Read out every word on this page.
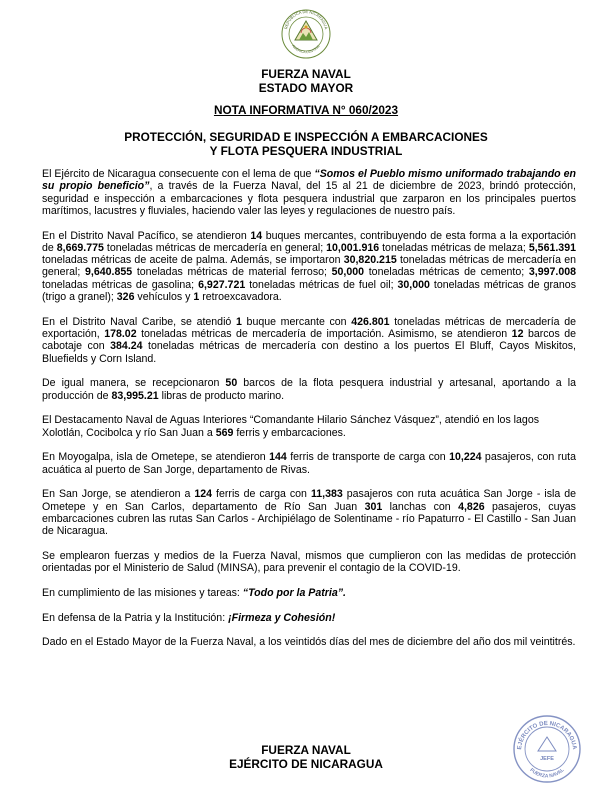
REPÚBLICA DE NICARAGUA
AMÉRICA CENTRAL
FUERZA NAVAL
ESTADO MAYOR
NOTA INFORMATIVA N° 060/2023
PROTECCIÓN, SEGURIDAD E INSPECCIÓN A EMBARCACIONES
Y FLOTA PESQUERA INDUSTRIAL

El Ejército de Nicaragua consecuente con el lema de que “Somos el Pueblo mismo uniformado trabajando en su propio beneficio”, a través de la Fuerza Naval, del 15 al 21 de diciembre de 2023, brindó protección, seguridad e inspección a embarcaciones y flota pesquera industrial que zarparon en los principales puertos marítimos, lacustres y fluviales, haciendo valer las leyes y regulaciones de nuestro país.

En el Distrito Naval Pacífico, se atendieron 14 buques mercantes, contribuyendo de esta forma a la exportación de 8,669.775 toneladas métricas de mercadería en general; 10,001.916 toneladas métricas de melaza; 5,561.391 toneladas métricas de aceite de palma. Además, se importaron 30,820.215 toneladas métricas de mercadería en general; 9,640.855 toneladas métricas de material ferroso; 50,000 toneladas métricas de cemento; 3,997.008 toneladas métricas de gasolina; 6,927.721 toneladas métricas de fuel oil; 30,000 toneladas métricas de granos (trigo a granel); 326 vehículos y 1 retroexcavadora.

En el Distrito Naval Caribe, se atendió 1 buque mercante con 426.801 toneladas métricas de mercadería de exportación, 178.02 toneladas métricas de mercadería de importación. Asimismo, se atendieron 12 barcos de cabotaje con 384.24 toneladas métricas de mercadería con destino a los puertos El Bluff, Cayos Miskitos, Bluefields y Corn Island.

De igual manera, se recepcionaron 50 barcos de la flota pesquera industrial y artesanal, aportando a la producción de 83,995.21 libras de producto marino.

El Destacamento Naval de Aguas Interiores “Comandante Hilario Sánchez Vásquez”, atendió en los lagos Xolotlán, Cocibolca y río San Juan a 569 ferris y embarcaciones.

En Moyogalpa, isla de Ometepe, se atendieron 144 ferris de transporte de carga con 10,224 pasajeros, con ruta acuática al puerto de San Jorge, departamento de Rivas.

En San Jorge, se atendieron a 124 ferris de carga con 11,383 pasajeros con ruta acuática San Jorge - isla de Ometepe y en San Carlos, departamento de Río San Juan 301 lanchas con 4,826 pasajeros, cuyas embarcaciones cubren las rutas San Carlos - Archipiélago de Solentiname - río Papaturro - El Castillo - San Juan de Nicaragua.

Se emplearon fuerzas y medios de la Fuerza Naval, mismos que cumplieron con las medidas de protección orientadas por el Ministerio de Salud (MINSA), para prevenir el contagio de la COVID-19.

En cumplimiento de las misiones y tareas: “Todo por la Patria”.

En defensa de la Patria y la Institución: ¡Firmeza y Cohesión!

Dado en el Estado Mayor de la Fuerza Naval, a los veintidós días del mes de diciembre del año dos mil veintitrés.

FUERZA NAVAL
EJÉRCITO DE NICARAGUA
EJÉRCITO DE NICARAGUA
FUERZA NAVAL
JEFE
